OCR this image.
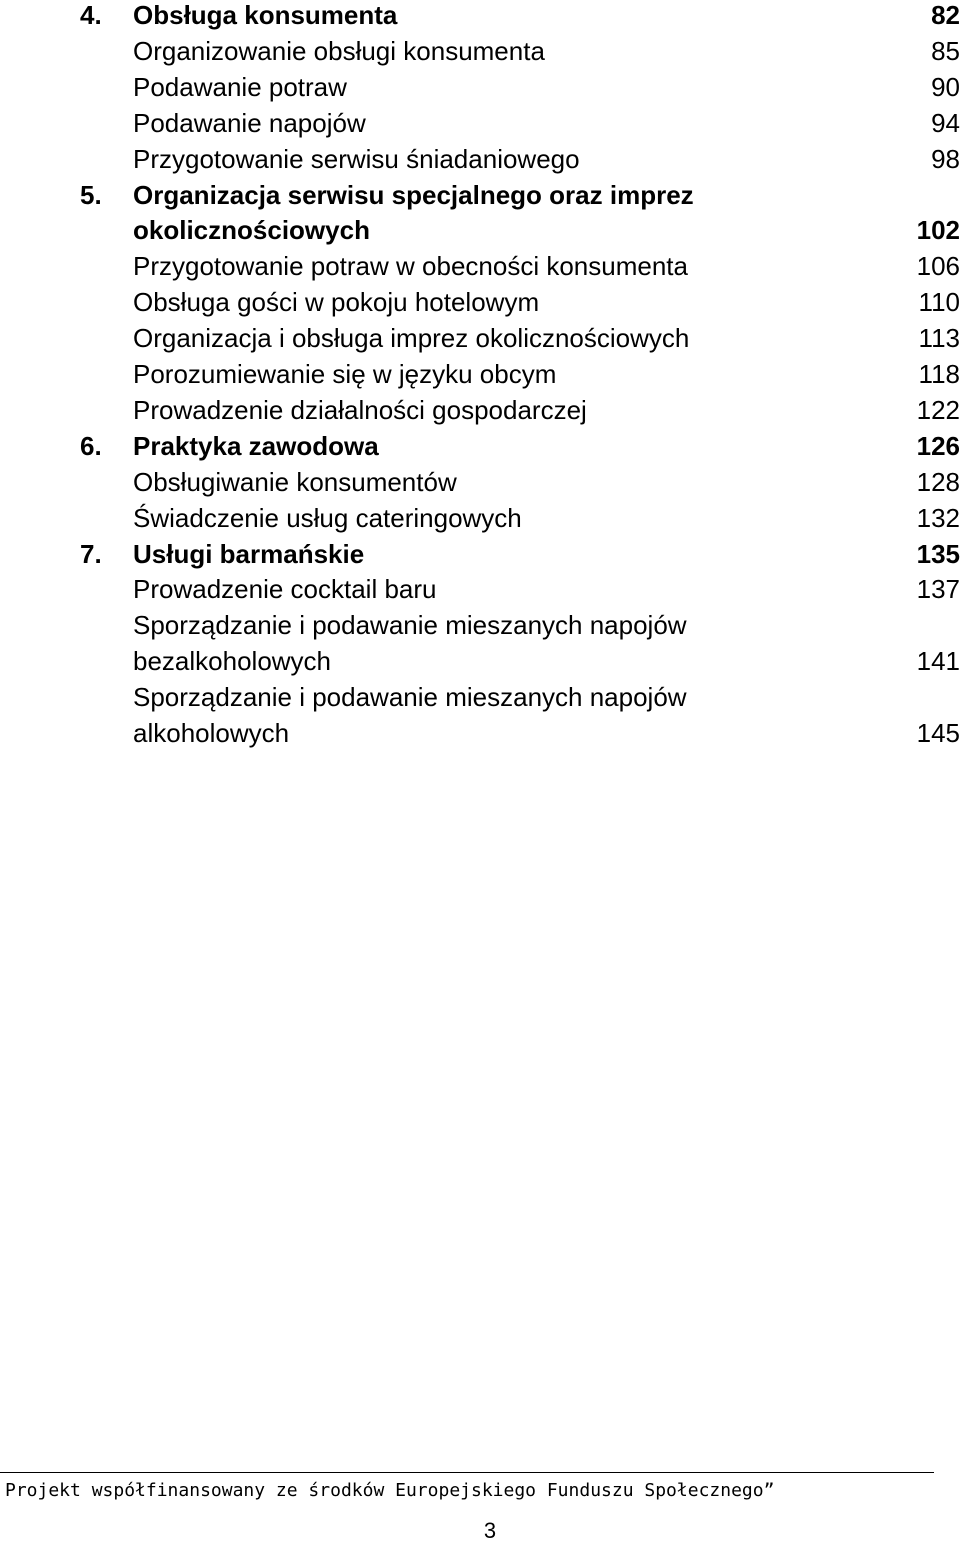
4. Obsługa konsumenta	82
Organizowanie obsługi konsumenta	85
Podawanie potraw	90
Podawanie napojów	94
Przygotowanie serwisu śniadaniowego	98
5. Organizacja serwisu specjalnego oraz imprez
okolicznościowych	102
Przygotowanie potraw w obecności konsumenta	106
Obsługa gości w pokoju hotelowym	110
Organizacja i obsługa imprez okolicznościowych	113
Porozumiewanie się w języku obcym	118
Prowadzenie działalności gospodarczej	122
6. Praktyka zawodowa	126
Obsługiwanie konsumentów	128
Świadczenie usług cateringowych	132
7. Usługi barmańskie	135
Prowadzenie cocktail baru	137
Sporządzanie i podawanie mieszanych napojów
bezalkoholowych	141
Sporządzanie i podawanie mieszanych napojów
alkoholowych	145
Projekt współfinansowany ze środków Europejskiego Funduszu Społecznego”
3
